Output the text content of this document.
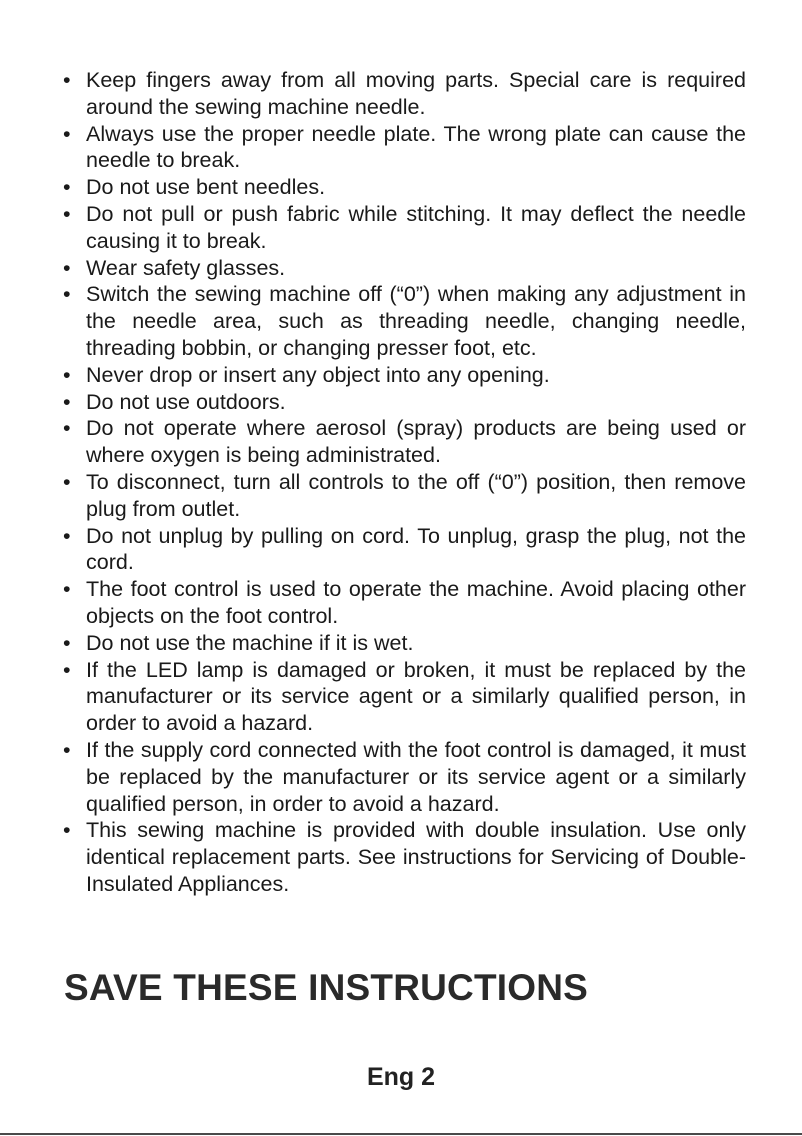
• Keep fingers away from all moving parts. Special care is required around the sewing machine needle.
• Always use the proper needle plate. The wrong plate can cause the needle to break.
• Do not use bent needles.
• Do not pull or push fabric while stitching. It may deflect the needle causing it to break.
• Wear safety glasses.
• Switch the sewing machine off (“0”) when making any adjustment in the needle area, such as threading needle, changing needle, threading bobbin, or changing presser foot, etc.
• Never drop or insert any object into any opening.
• Do not use outdoors.
• Do not operate where aerosol (spray) products are being used or where oxygen is being administrated.
• To disconnect, turn all controls to the off (“0”) position, then remove plug from outlet.
• Do not unplug by pulling on cord. To unplug, grasp the plug, not the cord.
• The foot control is used to operate the machine. Avoid placing other objects on the foot control.
• Do not use the machine if it is wet.
• If the LED lamp is damaged or broken, it must be replaced by the manufacturer or its service agent or a similarly qualified person, in order to avoid a hazard.
• If the supply cord connected with the foot control is damaged, it must be replaced by the manufacturer or its service agent or a similarly qualified person, in order to avoid a hazard.
• This sewing machine is provided with double insulation. Use only identical replacement parts. See instructions for Servicing of Double-Insulated Appliances.
SAVE THESE INSTRUCTIONS
Eng 2
